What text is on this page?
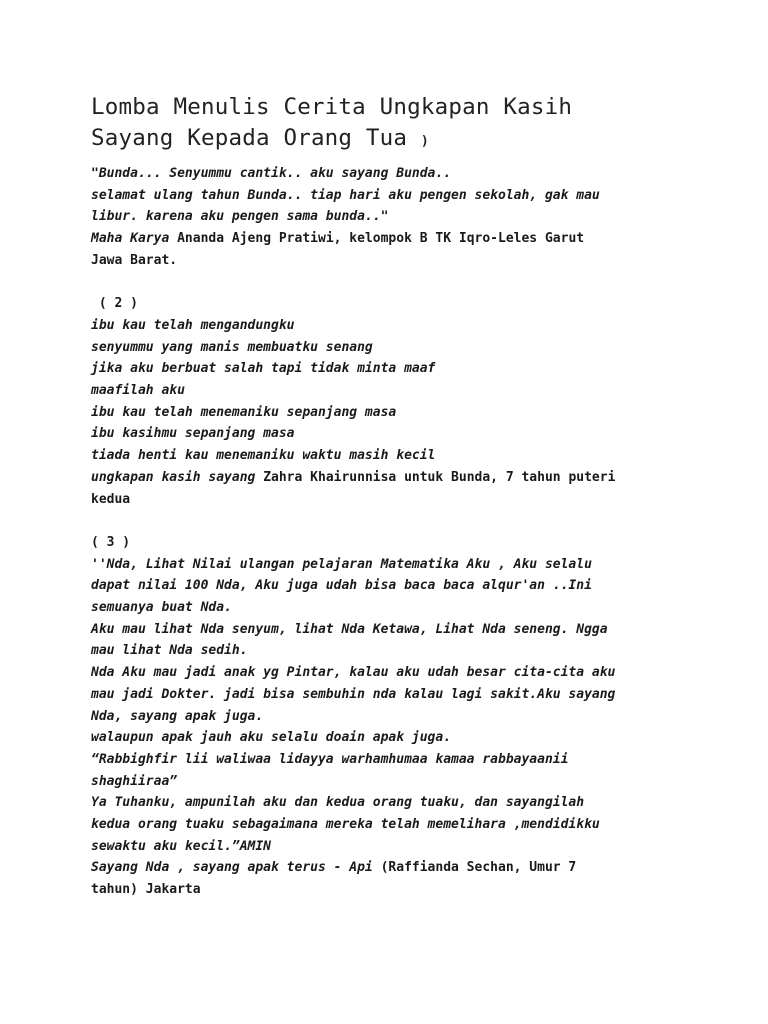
Lomba Menulis Cerita Ungkapan Kasih
Sayang Kepada Orang Tua )
"Bunda... Senyummu cantik.. aku sayang Bunda..
selamat ulang tahun Bunda.. tiap hari aku pengen sekolah, gak mau
libur. karena aku pengen sama bunda.."
Maha Karya Ananda Ajeng Pratiwi, kelompok B TK Iqro-Leles Garut
Jawa Barat.
( 2 )
ibu kau telah mengandungku
senyummu yang manis membuatku senang
jika aku berbuat salah tapi tidak minta maaf
maafilah aku
ibu kau telah menemaniku sepanjang masa
ibu kasihmu sepanjang masa
tiada henti kau menemaniku waktu masih kecil
ungkapan kasih sayang Zahra Khairunnisa untuk Bunda, 7 tahun puteri
kedua
( 3 )
''Nda, Lihat Nilai ulangan pelajaran Matematika Aku , Aku selalu
dapat nilai 100 Nda, Aku juga udah bisa baca baca alqur'an ..Ini
semuanya buat Nda.
Aku mau lihat Nda senyum, lihat Nda Ketawa, Lihat Nda seneng. Ngga
mau lihat Nda sedih.
Nda Aku mau jadi anak yg Pintar, kalau aku udah besar cita-cita aku
mau jadi Dokter. jadi bisa sembuhin nda kalau lagi sakit.Aku sayang
Nda, sayang apak juga.
walaupun apak jauh aku selalu doain apak juga.
“Rabbighfir lii waliwaa lidayya warhamhumaa kamaa rabbayaanii
shaghiiraa”
Ya Tuhanku, ampunilah aku dan kedua orang tuaku, dan sayangilah
kedua orang tuaku sebagaimana mereka telah memelihara ,mendidikku
sewaktu aku kecil.”AMIN
Sayang Nda , sayang apak terus - Api (Raffianda Sechan, Umur 7
tahun) Jakarta
